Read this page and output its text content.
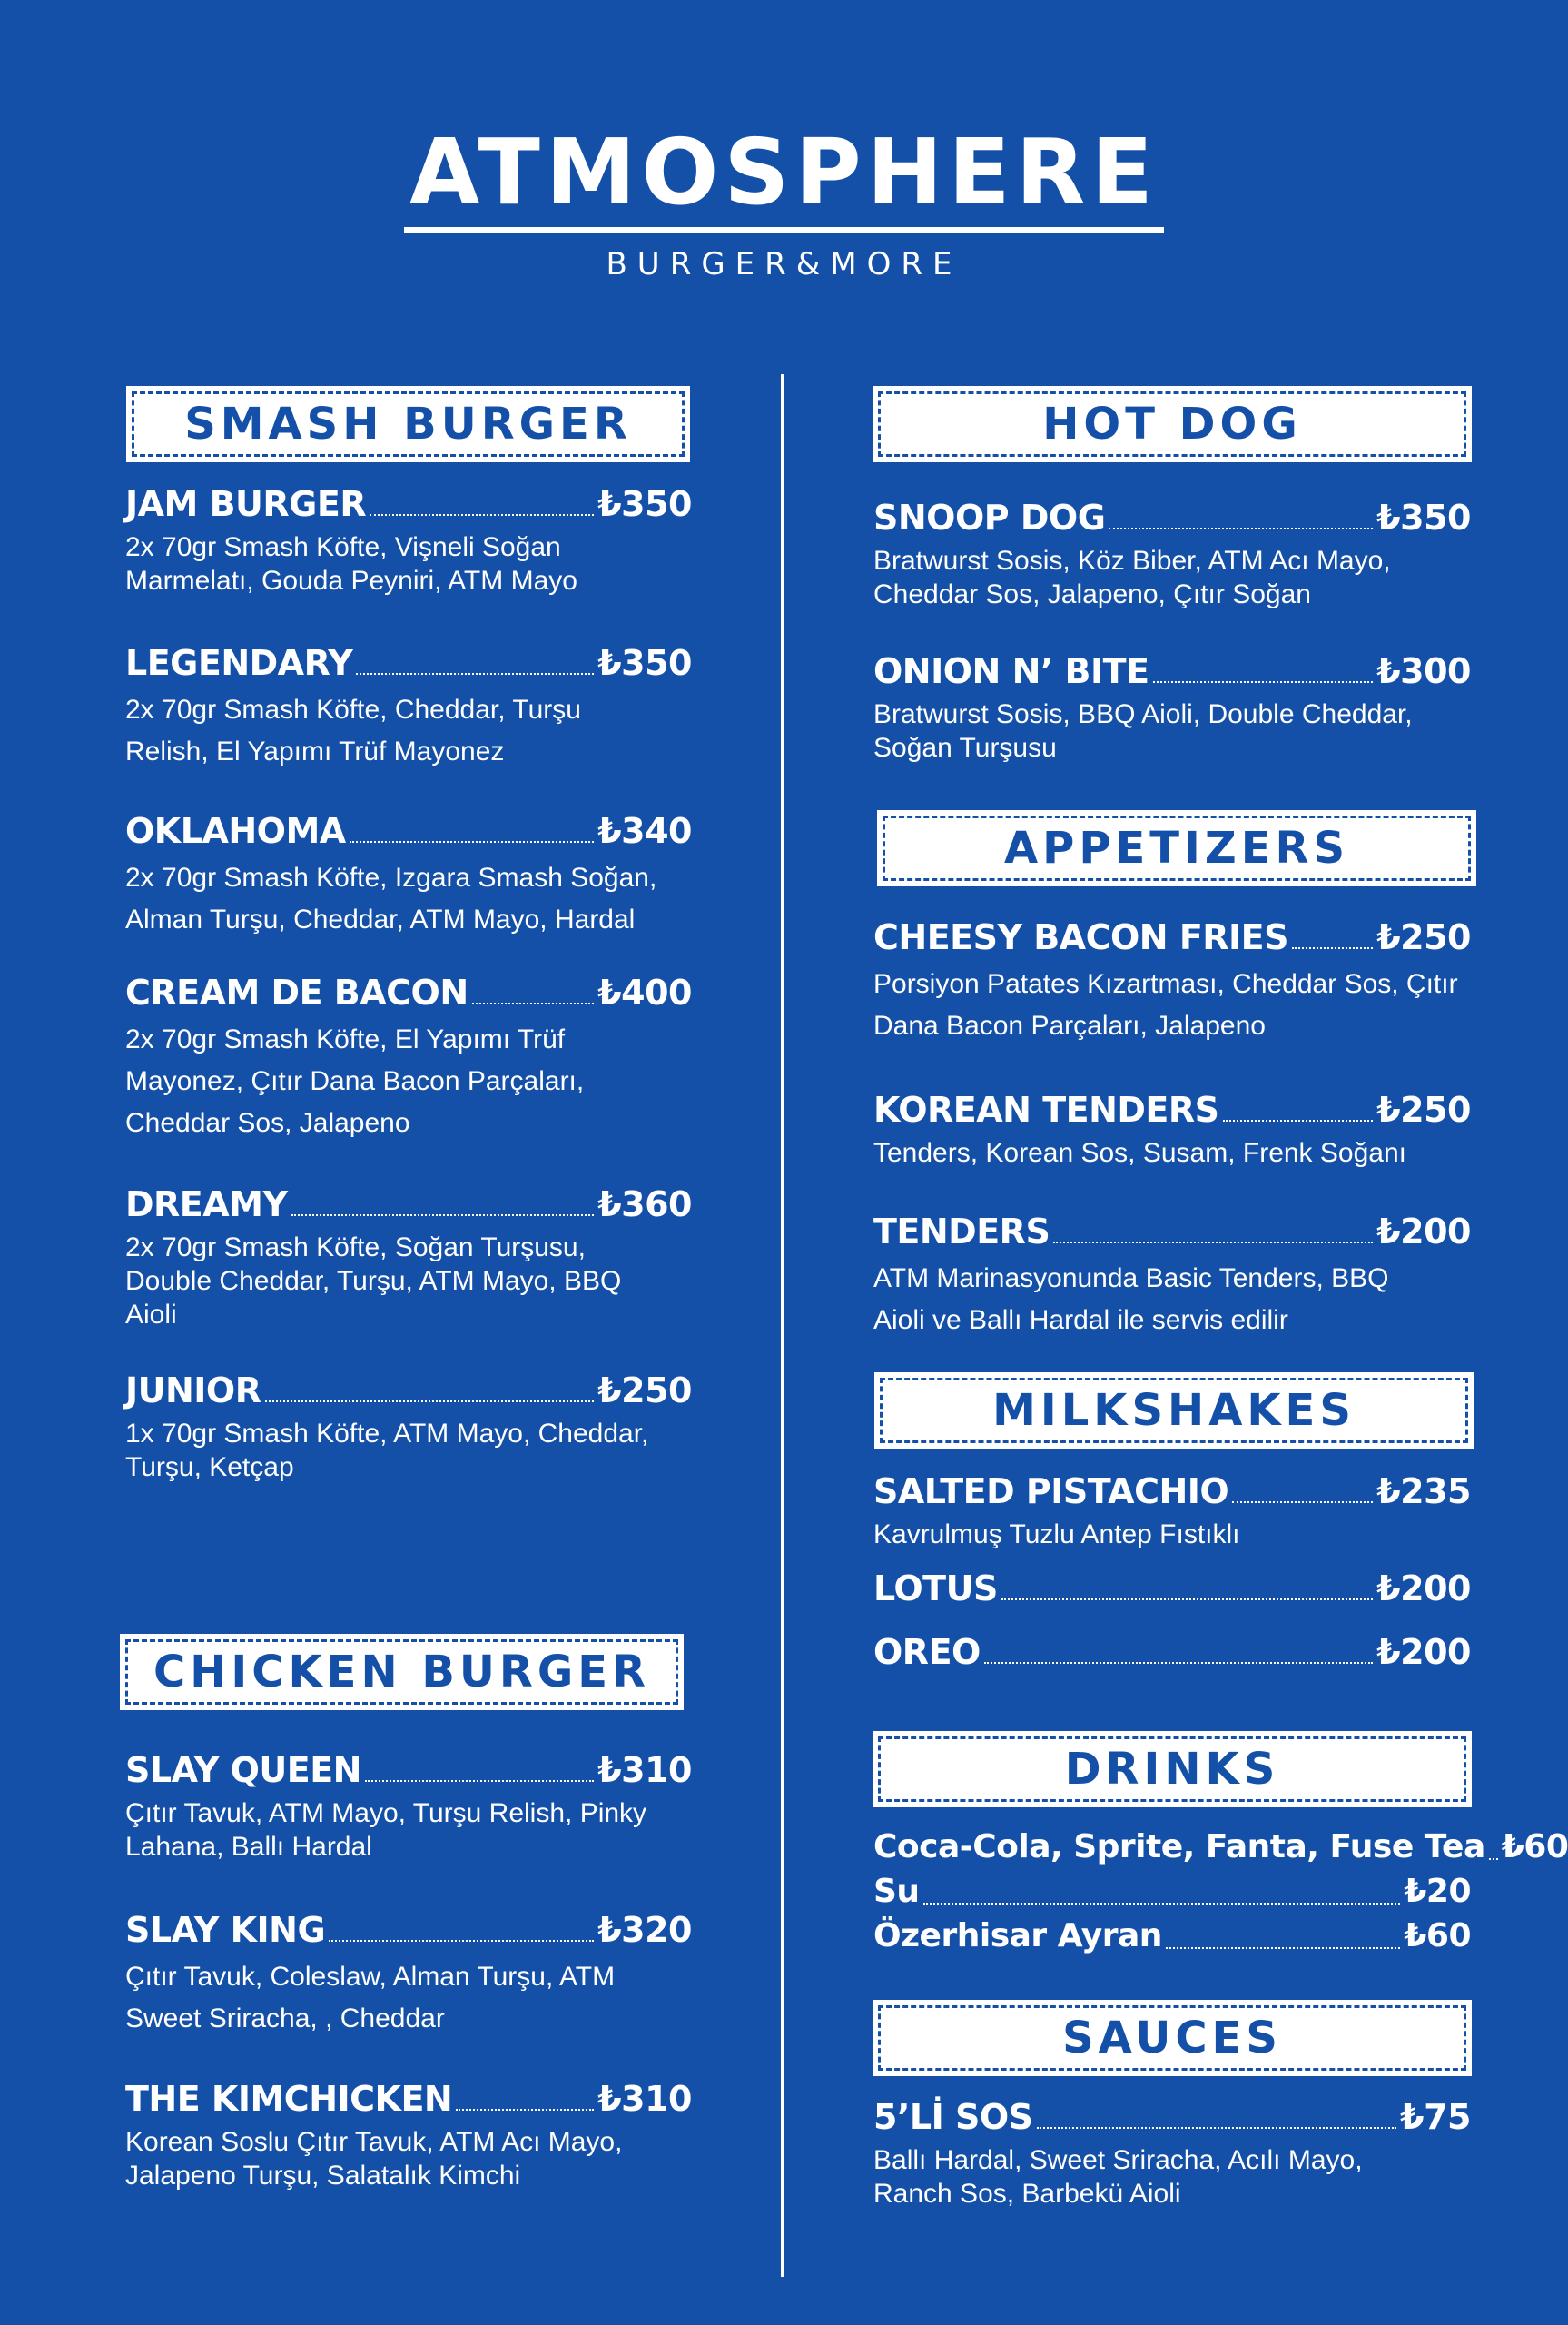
ATMOSPHERE
BURGER&MORE
SMASH BURGER
JAM BURGER	₺350
2x 70gr Smash Köfte, Vişneli Soğan Marmelatı, Gouda Peyniri, ATM Mayo
LEGENDARY	₺350
2x 70gr Smash Köfte, Cheddar, Turşu Relish, El Yapımı Trüf Mayonez
OKLAHOMA	₺340
2x 70gr Smash Köfte, Izgara Smash Soğan, Alman Turşu, Cheddar, ATM Mayo, Hardal
CREAM DE BACON	₺400
2x 70gr Smash Köfte, El Yapımı Trüf Mayonez, Çıtır Dana Bacon Parçaları, Cheddar Sos, Jalapeno
DREAMY	₺360
2x 70gr Smash Köfte, Soğan Turşusu, Double Cheddar, Turşu, ATM Mayo, BBQ Aioli
JUNIOR	₺250
1x 70gr Smash Köfte, ATM Mayo, Cheddar, Turşu, Ketçap
CHICKEN BURGER
SLAY QUEEN	₺310
Çıtır Tavuk, ATM Mayo, Turşu Relish, Pinky Lahana, Ballı Hardal
SLAY KING	₺320
Çıtır Tavuk, Coleslaw, Alman Turşu, ATM Sweet Sriracha, , Cheddar
THE KIMCHICKEN	₺310
Korean Soslu Çıtır Tavuk, ATM Acı Mayo, Jalapeno Turşu, Salatalık Kimchi
HOT DOG
SNOOP DOG	₺350
Bratwurst Sosis, Köz Biber, ATM Acı Mayo, Cheddar Sos, Jalapeno, Çıtır Soğan
ONION N’ BITE	₺300
Bratwurst Sosis, BBQ Aioli, Double Cheddar, Soğan Turşusu
APPETIZERS
CHEESY BACON FRIES	₺250
Porsiyon Patates Kızartması, Cheddar Sos, Çıtır Dana Bacon Parçaları, Jalapeno
KOREAN TENDERS	₺250
Tenders, Korean Sos, Susam, Frenk Soğanı
TENDERS	₺200
ATM Marinasyonunda Basic Tenders, BBQ Aioli ve Ballı Hardal ile servis edilir
MILKSHAKES
SALTED PISTACHIO	₺235
Kavrulmuş Tuzlu Antep Fıstıklı
LOTUS	₺200
OREO	₺200
DRINKS
Coca-Cola, Sprite, Fanta, Fuse Tea ₺60
Su	₺20
Özerhisar Ayran	₺60
SAUCES
5’Lİ SOS	₺75
Ballı Hardal, Sweet Sriracha, Acılı Mayo, Ranch Sos, Barbekü Aioli
